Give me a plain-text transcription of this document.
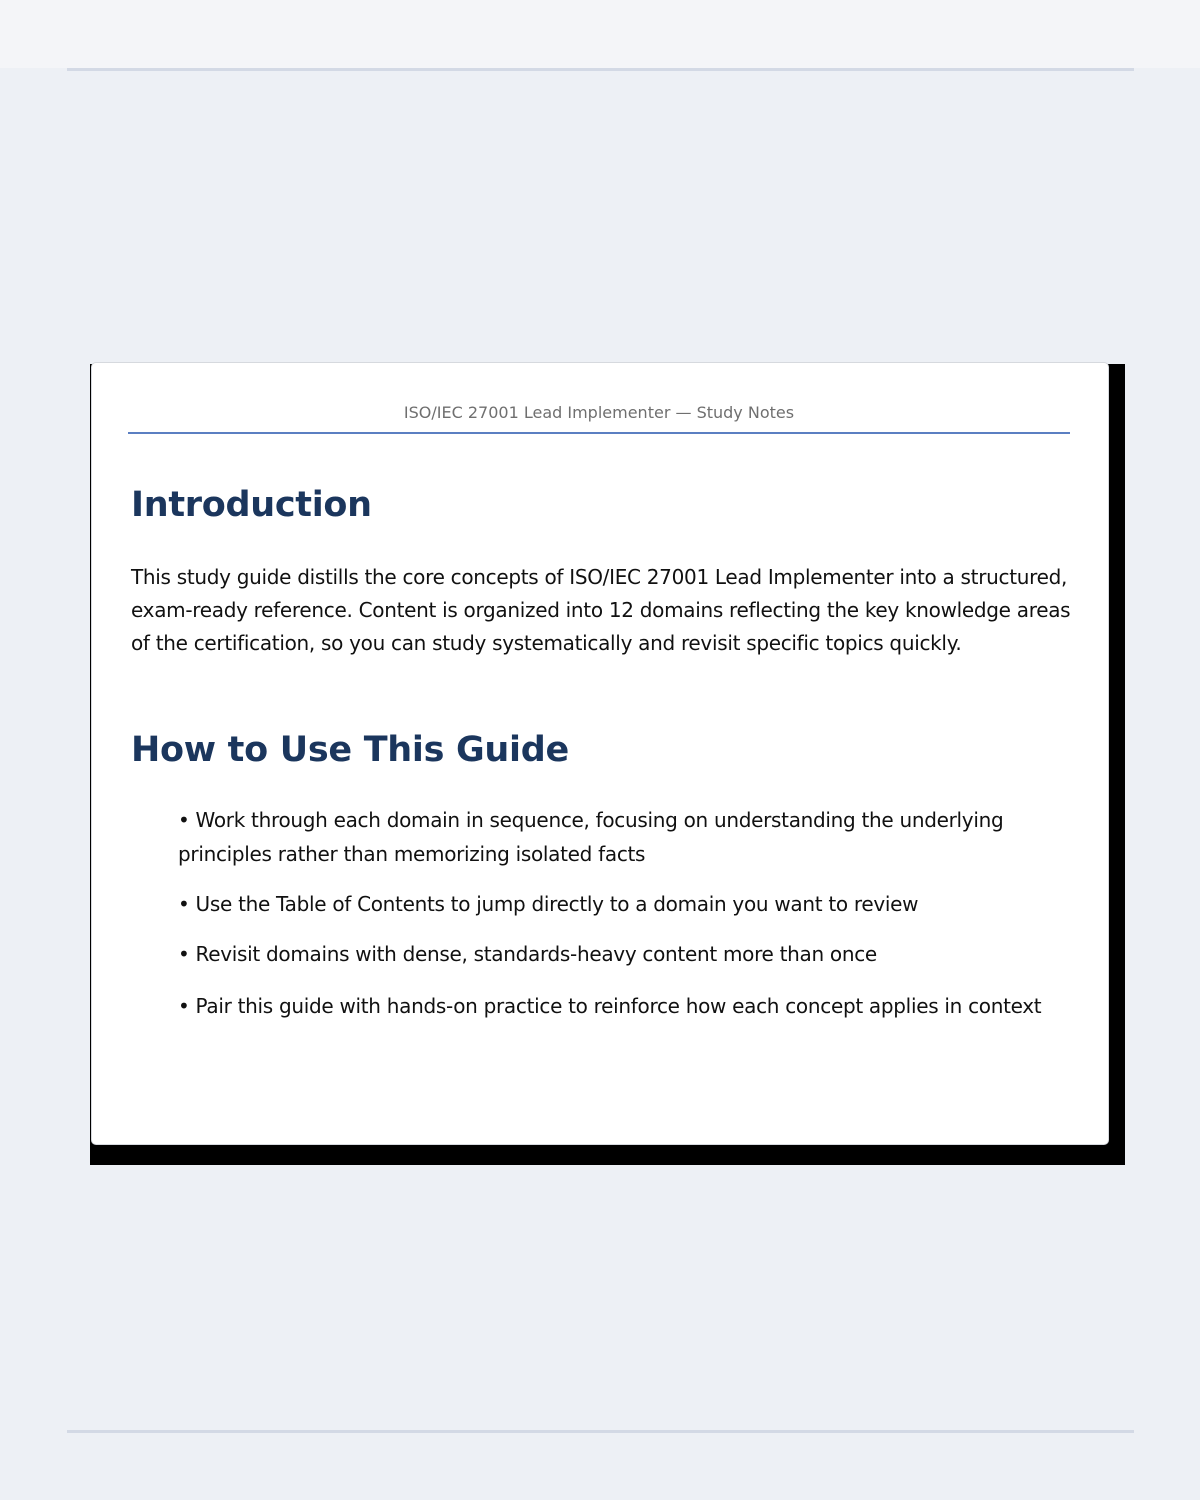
ISO/IEC 27001 Lead Implementer — Study Notes
Introduction

This study guide distills the core concepts of ISO/IEC 27001 Lead Implementer into a structured, exam-ready reference. Content is organized into 12 domains reflecting the key knowledge areas of the certification, so you can study systematically and revisit specific topics quickly.

How to Use This Guide
• Work through each domain in sequence, focusing on understanding the underlying principles rather than memorizing isolated facts
• Use the Table of Contents to jump directly to a domain you want to review
• Revisit domains with dense, standards-heavy content more than once
• Pair this guide with hands-on practice to reinforce how each concept applies in context
